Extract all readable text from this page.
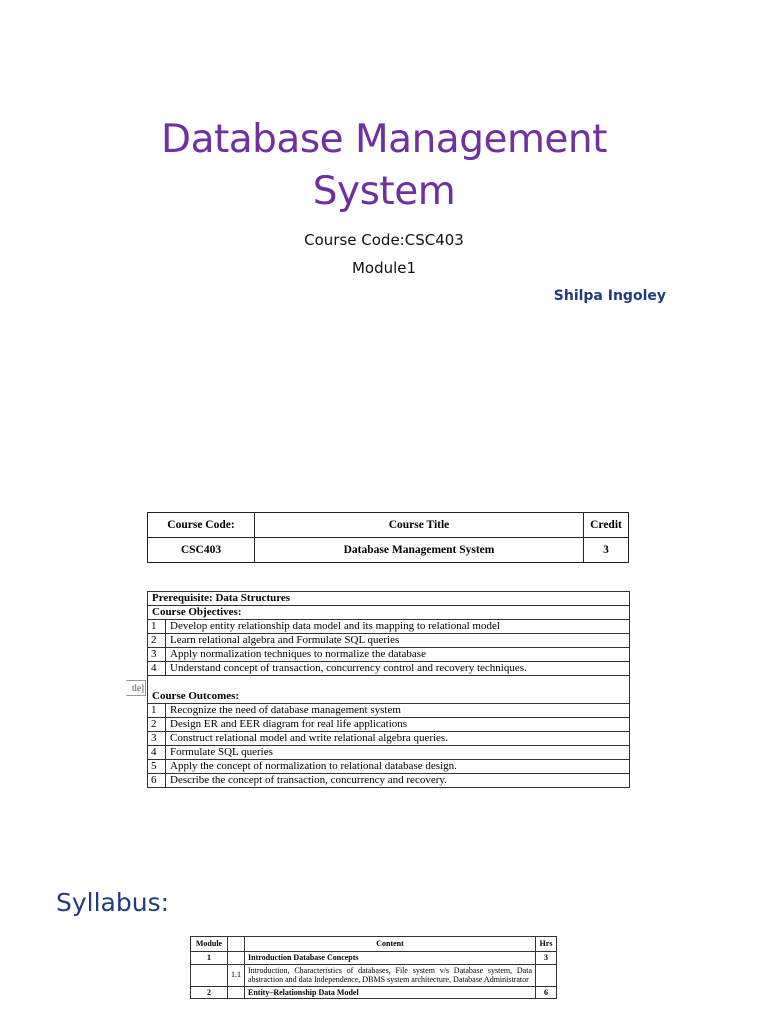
Database Management
System
Course Code:CSC403
Module1
Shilpa Ingoley
Course Code:	Course Title	Credit
CSC403	Database Management System	3
Prerequisite: Data Structures	
Course Objectives:	
1	Develop entity relationship data model and its mapping to relational model
2	Learn relational algebra and Formulate SQL queries
3	Apply normalization techniques to normalize the database
4	Understand concept of transaction, concurrency control and recovery techniques.

Course Outcomes:	
1	Recognize the need of database management system
2	Design ER and EER diagram for real life applications
3	Construct relational model and write relational algebra queries.
4	Formulate SQL queries
5	Apply the concept of normalization to relational database design.
6	Describe the concept of transaction, concurrency and recovery.
tle]
Syllabus:
Module		Content	Hrs
1		Introduction Database Concepts	3
	1.1	Introduction, Characteristics of databases, File system v/s Database system, Data abstraction and data Independence, DBMS system architecture, Database Administrator	
2		Entity–Relationship Data Model	6
